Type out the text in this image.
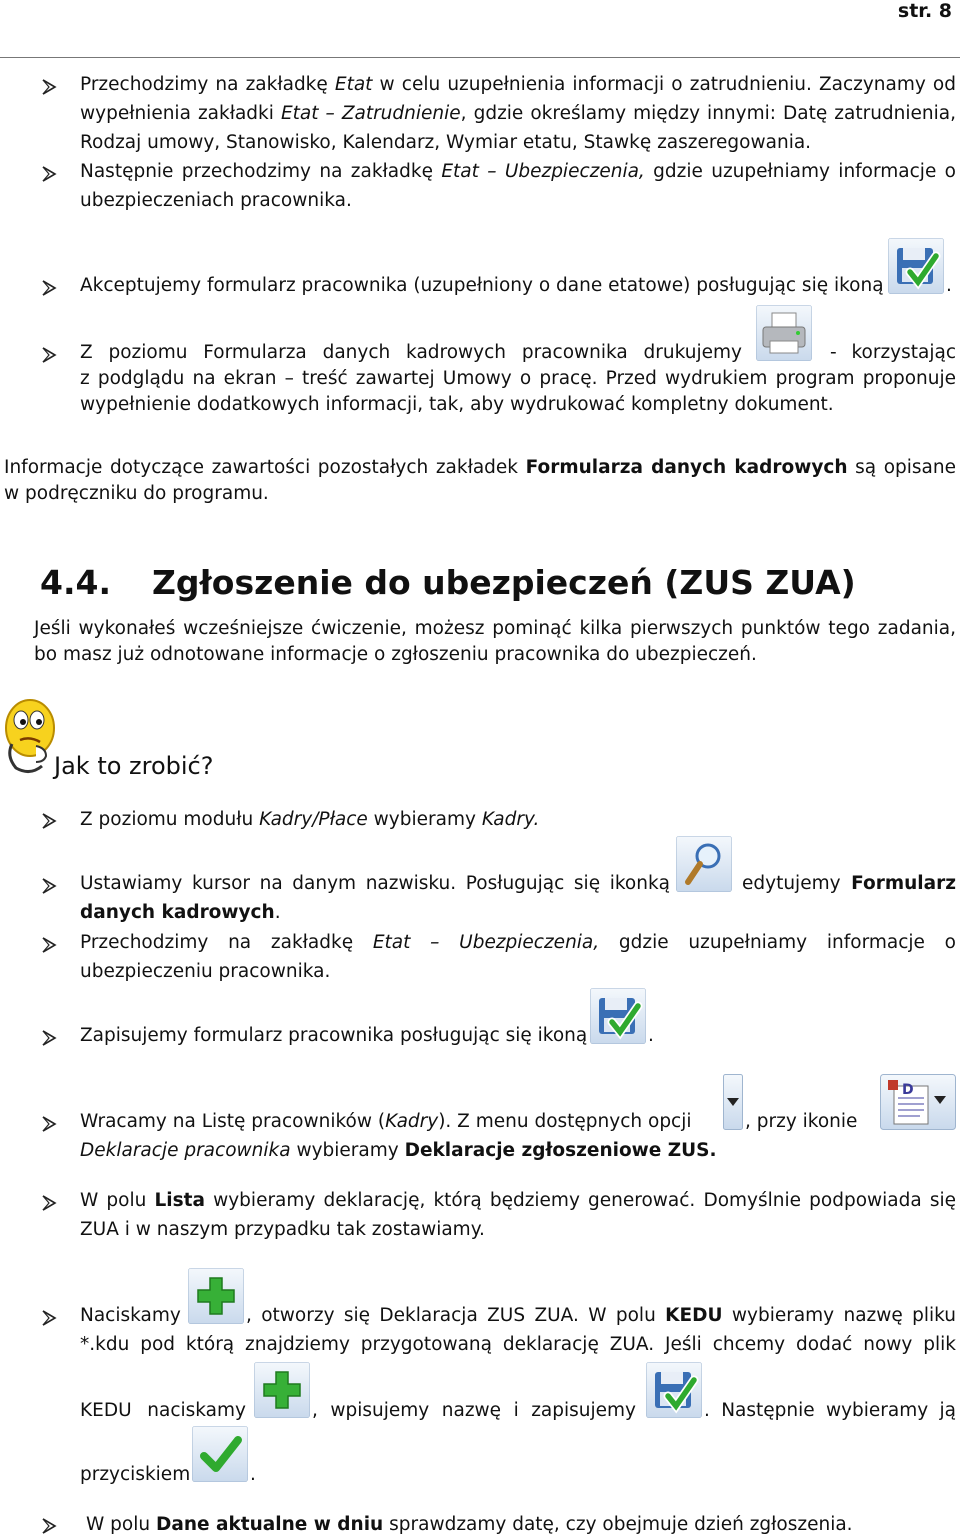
str. 8
Przechodzimy na zakładkę Etat w celu uzupełnienia informacji o zatrudnieniu. Zaczynamy od
wypełnienia zakładki Etat – Zatrudnienie, gdzie określamy między innymi: Datę zatrudnienia,
Rodzaj umowy, Stanowisko, Kalendarz, Wymiar etatu, Stawkę zaszeregowania.
Następnie przechodzimy na zakładkę Etat – Ubezpieczenia, gdzie uzupełniamy informacje o
ubezpieczeniach pracownika.
Akceptujemy formularz pracownika (uzupełniony o dane etatowe) posługując się ikoną	.
Z poziomu Formularza danych kadrowych pracownika drukujemy	- korzystając
z podglądu na ekran – treść zawartej Umowy o pracę. Przed wydrukiem program proponuje
wypełnienie dodatkowych informacji, tak, aby wydrukować kompletny dokument.
Informacje dotyczące zawartości pozostałych zakładek Formularza danych kadrowych są opisane
w podręczniku do programu.
4.4. Zgłoszenie do ubezpieczeń (ZUS ZUA)
Jeśli wykonałeś wcześniejsze ćwiczenie, możesz pominąć kilka pierwszych punktów tego zadania,
bo masz już odnotowane informacje o zgłoszeniu pracownika do ubezpieczeń.
Jak to zrobić?
Z poziomu modułu Kadry/Płace wybieramy Kadry.
Ustawiamy kursor na danym nazwisku. Posługując się ikonką	edytujemy Formularz
danych kadrowych.
Przechodzimy na zakładkę Etat – Ubezpieczenia, gdzie uzupełniamy informacje o
ubezpieczeniu pracownika.
Zapisujemy formularz pracownika posługując się ikoną	.
Wracamy na Listę pracowników (Kadry). Z menu dostępnych opcji	, przy ikonie
Deklaracje pracownika wybieramy Deklaracje zgłoszeniowe ZUS.
W polu Lista wybieramy deklarację, którą będziemy generować. Domyślnie podpowiada się
ZUA i w naszym przypadku tak zostawiamy.
Naciskamy	, otworzy się Deklaracja ZUS ZUA. W polu KEDU wybieramy nazwę pliku
*.kdu pod którą znajdziemy przygotowaną deklarację ZUA. Jeśli chcemy dodać nowy plik
KEDU naciskamy	, wpisujemy nazwę i zapisujemy	. Następnie wybieramy ją
przyciskiem	.
W polu Dane aktualne w dniu sprawdzamy datę, czy obejmuje dzień zgłoszenia.
